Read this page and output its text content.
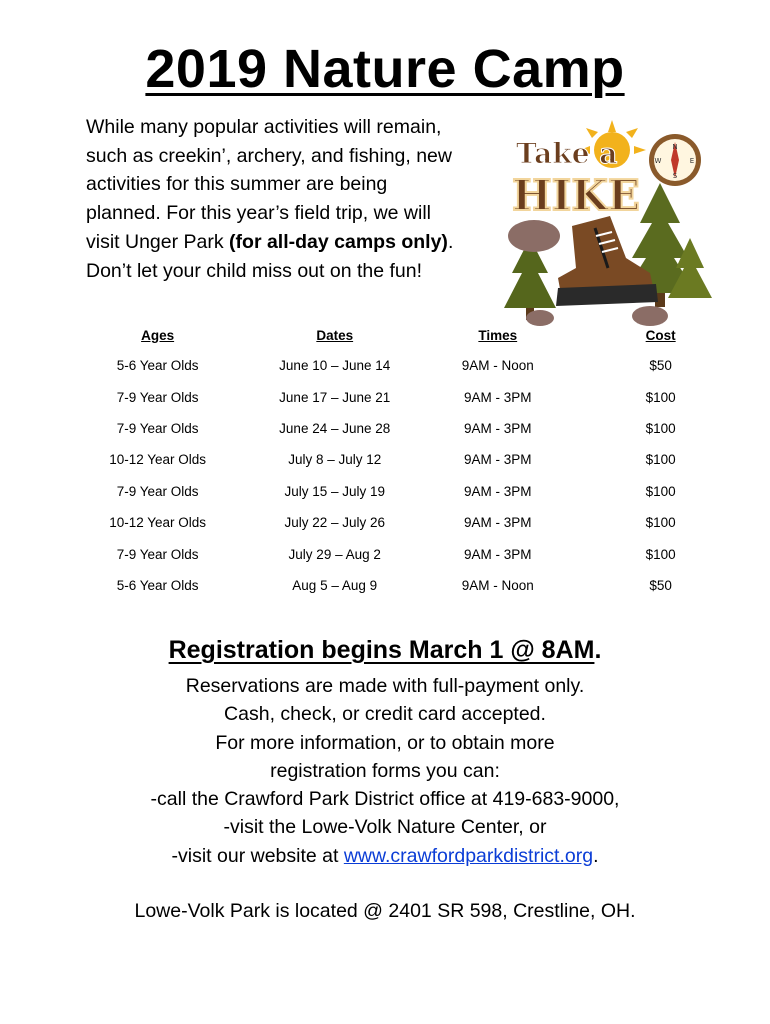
2019 Nature Camp

While many popular activities will remain,
such as creekin’, archery, and fishing, new
activities for this summer are being
planned. For this year’s field trip, we will
visit Unger Park (for all-day camps only).
Don’t let your child miss out on the fun!

N
S
E
W
Take a
HIKE
Ages	Dates	Times	Cost
5-6 Year Olds	June 10 – June 14	9AM - Noon	$50
7-9 Year Olds	June 17 – June 21	9AM - 3PM	$100
7-9 Year Olds	June 24 – June 28	9AM - 3PM	$100
10-12 Year Olds	July 8 – July 12	9AM - 3PM	$100
7-9 Year Olds	July 15 – July 19	9AM - 3PM	$100
10-12 Year Olds	July 22 – July 26	9AM - 3PM	$100
7-9 Year Olds	July 29 – Aug 2	9AM - 3PM	$100
5-6 Year Olds	Aug 5 – Aug 9	9AM - Noon	$50
Registration begins March 1 @ 8AM.

Reservations are made with full-payment only.

Cash, check, or credit card accepted.

For more information, or to obtain more

registration forms you can:

-call the Crawford Park District office at 419-683-9000,

-visit the Lowe-Volk Nature Center, or

-visit our website at www.crawfordparkdistrict.org.

Lowe-Volk Park is located @ 2401 SR 598, Crestline, OH.
